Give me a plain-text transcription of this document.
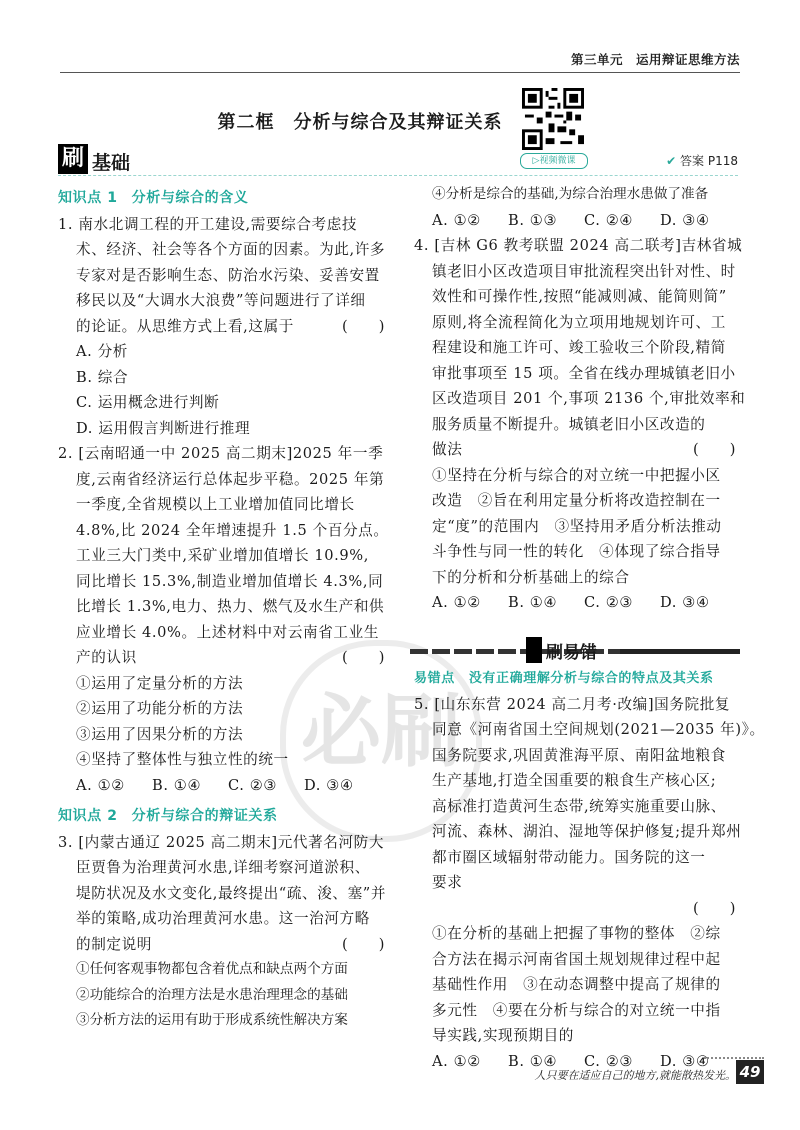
第三单元　运用辩证思维方法
第二框　分析与综合及其辩证关系
▷视频微课
刷 基础	✔ 答案 P118
必刷
知识点 1 分析与综合的含义
1. 南水北调工程的开工建设,需要综合考虑技
术、经济、社会等各个方面的因素。为此,许多
专家对是否影响生态、防治水污染、妥善安置
移民以及“大调水大浪费”等问题进行了详细
的论证。从思维方式上看,这属于	(　　)
A. 分析
B. 综合
C. 运用概念进行判断
D. 运用假言判断进行推理
2. [云南昭通一中 2025 高二期末]2025 年一季
度,云南省经济运行总体起步平稳。2025 年第
一季度,全省规模以上工业增加值同比增长
4.8%,比 2024 全年增速提升 1.5 个百分点。
工业三大门类中,采矿业增加值增长 10.9%,
同比增长 15.3%,制造业增加值增长 4.3%,同
比增长 1.3%,电力、热力、燃气及水生产和供
应业增长 4.0%。上述材料中对云南省工业生
产的认识	(　　)
①运用了定量分析的方法
②运用了功能分析的方法
③运用了因果分析的方法
④坚持了整体性与独立性的统一
A. ①②	B. ①④	C. ②③	D. ③④
知识点 2 分析与综合的辩证关系
3. [内蒙古通辽 2025 高二期末]元代著名河防大
臣贾鲁为治理黄河水患,详细考察河道淤积、
堤防状况及水文变化,最终提出“疏、浚、塞”并
举的策略,成功治理黄河水患。这一治河方略
的制定说明	(　　)
①任何客观事物都包含着优点和缺点两个方面
②功能综合的治理方法是水患治理理念的基础
③分析方法的运用有助于形成系统性解决方案
④分析是综合的基础,为综合治理水患做了准备
A. ①②	B. ①③	C. ②④	D. ③④
4. [吉林 G6 教考联盟 2024 高二联考]吉林省城
镇老旧小区改造项目审批流程突出针对性、时
效性和可操作性,按照“能减则减、能简则简”
原则,将全流程简化为立项用地规划许可、工
程建设和施工许可、竣工验收三个阶段,精简
审批事项至 15 项。全省在线办理城镇老旧小
区改造项目 201 个,事项 2136 个,审批效率和
服务质量不断提升。城镇老旧小区改造的
做法	(　　)
①坚持在分析与综合的对立统一中把握小区
改造　②旨在利用定量分析将改造控制在一
定“度”的范围内　③坚持用矛盾分析法推动
斗争性与同一性的转化　④体现了综合指导
下的分析和分析基础上的综合
A. ①②	B. ①④	C. ②③	D. ③④
刷易错
易错点 没有正确理解分析与综合的特点及其关系
5. [山东东营 2024 高二月考·改编]国务院批复
同意《河南省国土空间规划(2021—2035 年)》。
国务院要求,巩固黄淮海平原、南阳盆地粮食
生产基地,打造全国重要的粮食生产核心区;
高标准打造黄河生态带,统筹实施重要山脉、
河流、森林、湖泊、湿地等保护修复;提升郑州
都市圈区域辐射带动能力。国务院的这一
要求
(　　)

①在分析的基础上把握了事物的整体　②综
合方法在揭示河南省国土规划规律过程中起
基础性作用　③在动态调整中提高了规律的
多元性　④要在分析与综合的对立统一中指
导实践,实现预期目的
A. ①②	B. ①④	C. ②③	D. ③④
人只要在适应自己的地方,就能散热发光。 49
